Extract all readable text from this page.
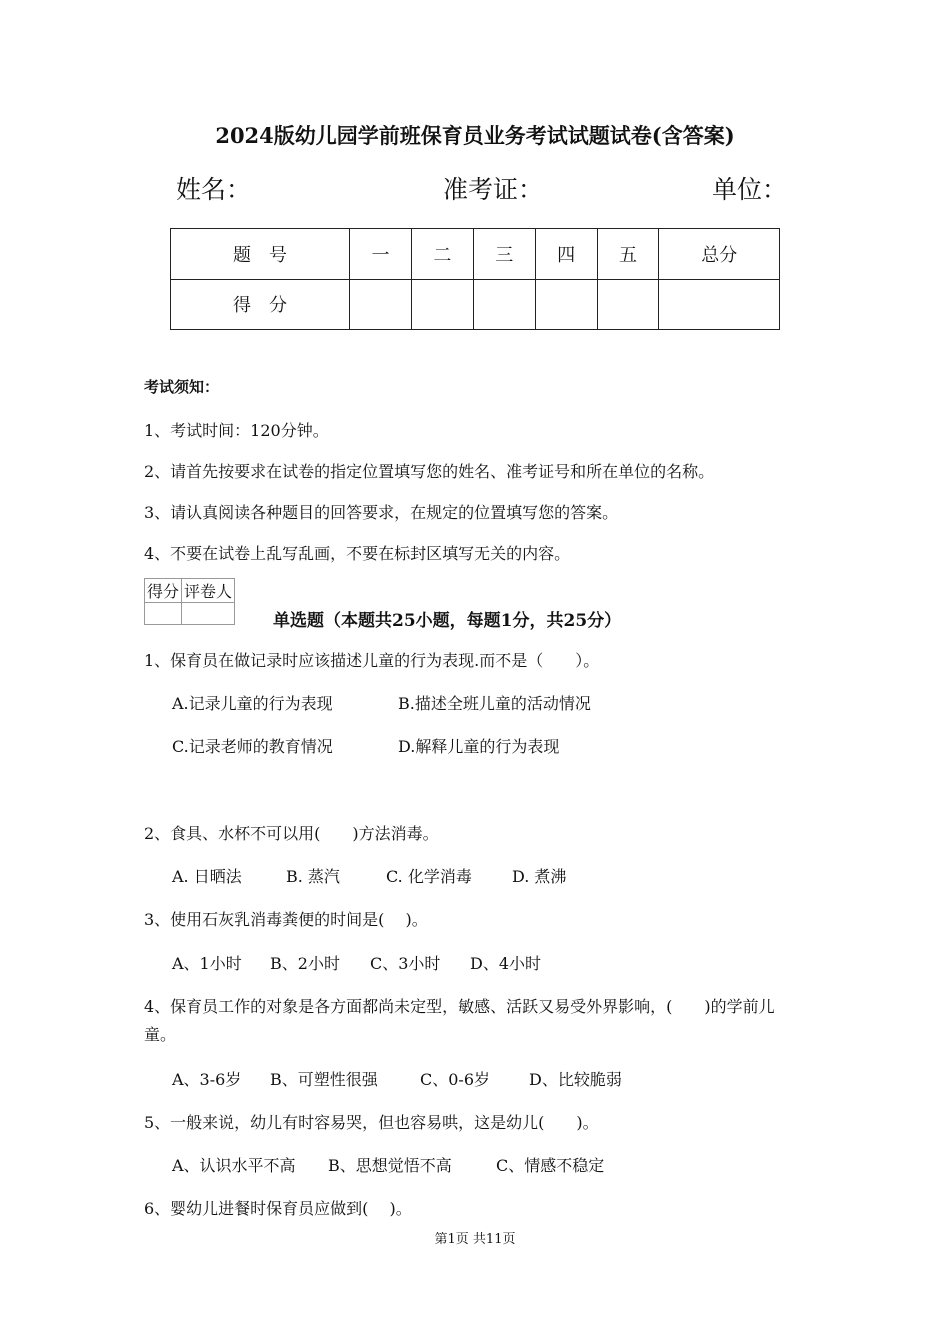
2024版幼儿园学前班保育员业务考试试题试卷(含答案)
姓名：	准考证：	单位：
题　号	一	二	三	四	五	总分
得　分						
考试须知：
1、考试时间：120分钟。
2、请首先按要求在试卷的指定位置填写您的姓名、准考证号和所在单位的名称。
3、请认真阅读各种题目的回答要求，在规定的位置填写您的答案。
4、不要在试卷上乱写乱画，不要在标封区填写无关的内容。
得分	评卷人

单选题（本题共25小题，每题1分，共25分）
1、保育员在做记录时应该描述儿童的行为表现.而不是（　　）。
A.记录儿童的行为表现	B.描述全班儿童的活动情况
C.记录老师的教育情况	D.解释儿童的行为表现
2、食具、水杯不可以用(　　)方法消毒。
A. 日晒法	B. 蒸汽	C. 化学消毒	D. 煮沸
3、使用石灰乳消毒粪便的时间是(　 )。
A、1小时 B、2小时 C、3小时 D、4小时
4、保育员工作的对象是各方面都尚未定型，敏感、活跃又易受外界影响，(　　)的学前儿
童。
A、3-6岁 B、可塑性很强	C、0-6岁 D、比较脆弱
5、一般来说，幼儿有时容易哭，但也容易哄，这是幼儿(　　)。
A、认识水平不高 B、思想觉悟不高	C、情感不稳定
6、婴幼儿进餐时保育员应做到(　 )。
第1页 共11页
